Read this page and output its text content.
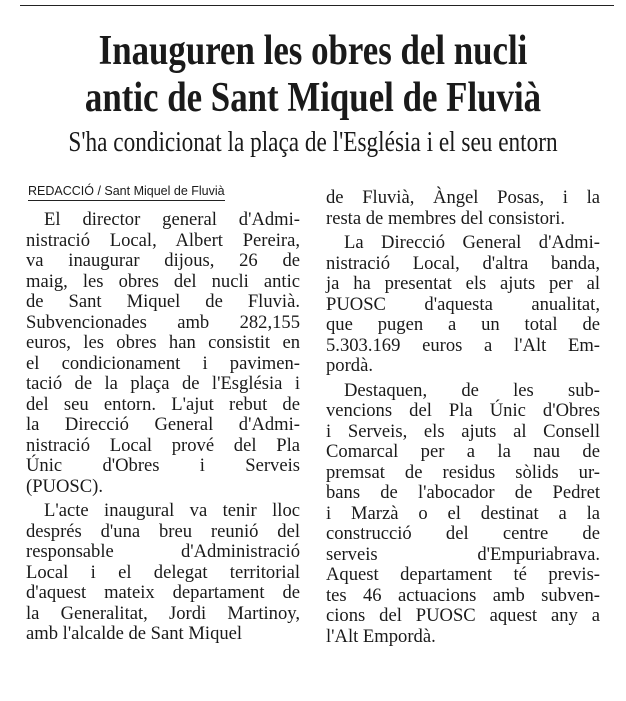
Inauguren les obres del nucli
antic de Sant Miquel de Fluvià
S'ha condicionat la plaça de l'Església i el seu entorn
REDACCIÓ / Sant Miquel de Fluvià
El director general d'Admi-
nistració Local, Albert Pereira,
va inaugurar dijous, 26 de
maig, les obres del nucli antic
de Sant Miquel de Fluvià.
Subvencionades amb 282,155
euros, les obres han consistit en
el condicionament i pavimen-
tació de la plaça de l'Església i
del seu entorn. L'ajut rebut de
la Direcció General d'Admi-
nistració Local prové del Pla
Únic d'Obres i Serveis
(PUOSC).
L'acte inaugural va tenir lloc
després d'una breu reunió del
responsable d'Administració
Local i el delegat territorial
d'aquest mateix departament de
la Generalitat, Jordi Martinoy,
amb l'alcalde de Sant Miquel
de Fluvià, Àngel Posas, i la
resta de membres del consistori.
La Direcció General d'Admi-
nistració Local, d'altra banda,
ja ha presentat els ajuts per al
PUOSC d'aquesta anualitat,
que pugen a un total de
5.303.169 euros a l'Alt Em-
pordà.
Destaquen, de les sub-
vencions del Pla Únic d'Obres
i Serveis, els ajuts al Consell
Comarcal per a la nau de
premsat de residus sòlids ur-
bans de l'abocador de Pedret
i Marzà o el destinat a la
construcció del centre de
serveis d'Empuriabrava.
Aquest departament té previs-
tes 46 actuacions amb subven-
cions del PUOSC aquest any a
l'Alt Empordà.
